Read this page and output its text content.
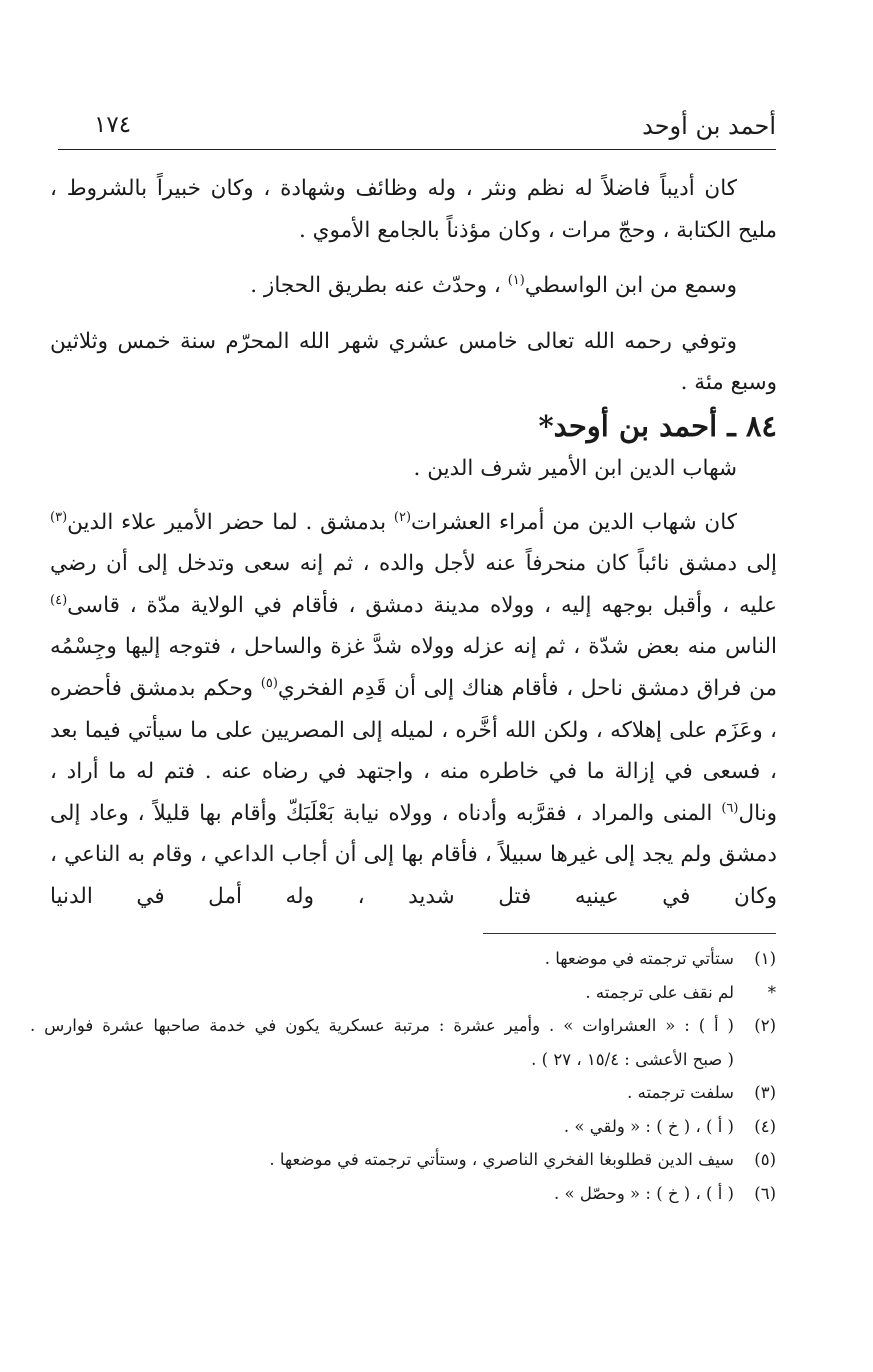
أحمد بن أوحد
١٧٤

كان أديباً فاضلاً له نظم ونثر ، وله وظائف وشهادة ، وكان خبيراً بالشروط ، مليح الكتابة ، وحجّ مرات ، وكان مؤذناً بالجامع الأموي .

وسمع من ابن الواسطي$^{(١)}$ ، وحدّث عنه بطريق الحجاز .

وتوفي رحمه الله تعالى خامس عشري شهر الله المحرّم سنة خمس وثلاثين وسبع مئة .

٨٤ ـ أحمد بن أوحد*

شهاب الدين ابن الأمير شرف الدين .

كان شهاب الدين من أمراء العشرات$^{(٢)}$ بدمشق . لما حضر الأمير علاء الدين$^{(٣)}$ إلى دمشق نائباً كان منحرفاً عنه لأجل والده ، ثم إنه سعى وتدخل إلى أن رضي عليه ، وأقبل بوجهه إليه ، وولاه مدينة دمشق ، فأقام في الولاية مدّة ، قاسى$^{(٤)}$ الناس منه بعض شدّة ، ثم إنه عزله وولاه شدَّ غزة والساحل ، فتوجه إليها وجِسْمُه من فراق دمشق ناحل ، فأقام هناك إلى أن قَدِم الفخري$^{(٥)}$ وحكم بدمشق فأحضره ، وعَزَم على إهلاكه ، ولكن الله أخَّره ، لميله إلى المصريين على ما سيأتي فيما بعد ، فسعى في إزالة ما في خاطره منه ، واجتهد في رضاه عنه . فتم له ما أراد ، ونال$^{(٦)}$ المنى والمراد ، فقرَّبه وأدناه ، وولاه نيابة بَعْلَبَكّ وأقام بها قليلاً ، وعاد إلى دمشق ولم يجد إلى غيرها سبيلاً ، فأقام بها إلى أن أجاب الداعي ، وقام به الناعي ، وكان في عينيه فتل شديد ، وله أمل في الدنيا

(١)
ستأتي ترجمته في موضعها .
*
لم نقف على ترجمته .
(٢)
( أ ) : « العشراوات » . وأمير عشرة : مرتبة عسكرية يكون في خدمة صاحبها عشرة فوارس .
( صبح الأعشى : ١٥/٤ ، ٢٧ ) .
(٣)
سلفت ترجمته .
(٤)
( أ ) ، ( خ ) : « ولقي » .
(٥)
سيف الدين قطلوبغا الفخري الناصري ، وستأتي ترجمته في موضعها .
(٦)
( أ ) ، ( خ ) : « وحصّل » .
